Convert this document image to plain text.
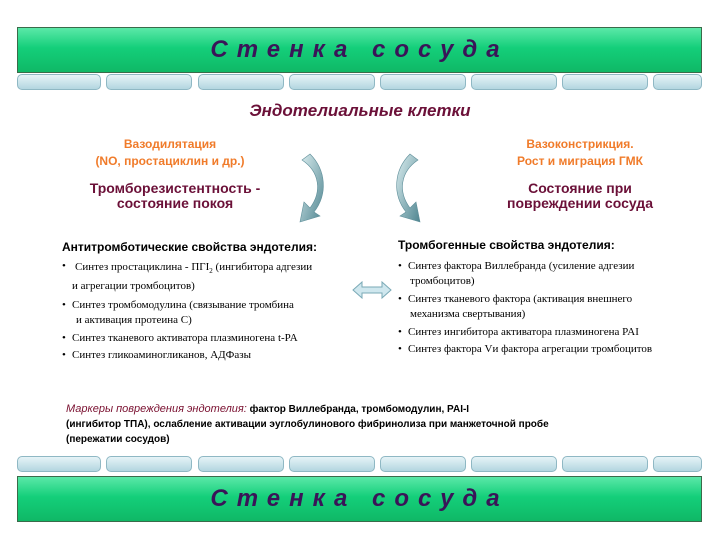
Стенка сосуда
Эндотелиальные клетки
Вазодилятация
(NO, простациклин и др.)
Тромборезистентность -
состояние покоя
Вазоконстрикция.
Рост и миграция ГМК
Состояние при
повреждении сосуда
Антитромботические свойства эндотелия:
• Синтез простациклина - $ПГI_2$ (ингибитора адгезии
и агрегации тромбоцитов)
• Синтез тромбомодулина (связывание тромбина
и активация протеина С)
• Синтез тканевого активатора плазминогена t-PA
• Синтез гликоаминогликанов, АДФазы
Тромбогенные свойства эндотелия:
• Синтез фактора Виллебранда (усиление адгезии
тромбоцитов)
• Синтез тканевого фактора (активация внешнего
механизма свертывания)
• Синтез ингибитора активатора плазминогена PAI
• Синтез фактора Vи фактора агрегации тромбоцитов
Маркеры повреждения эндотелия: фактор Виллебранда, тромбомодулин, PAI-I
(ингибитор ТПА), ослабление активации эуглобулинового фибринолиза при манжеточной пробе
(пережатии сосудов)
Стенка сосуда
